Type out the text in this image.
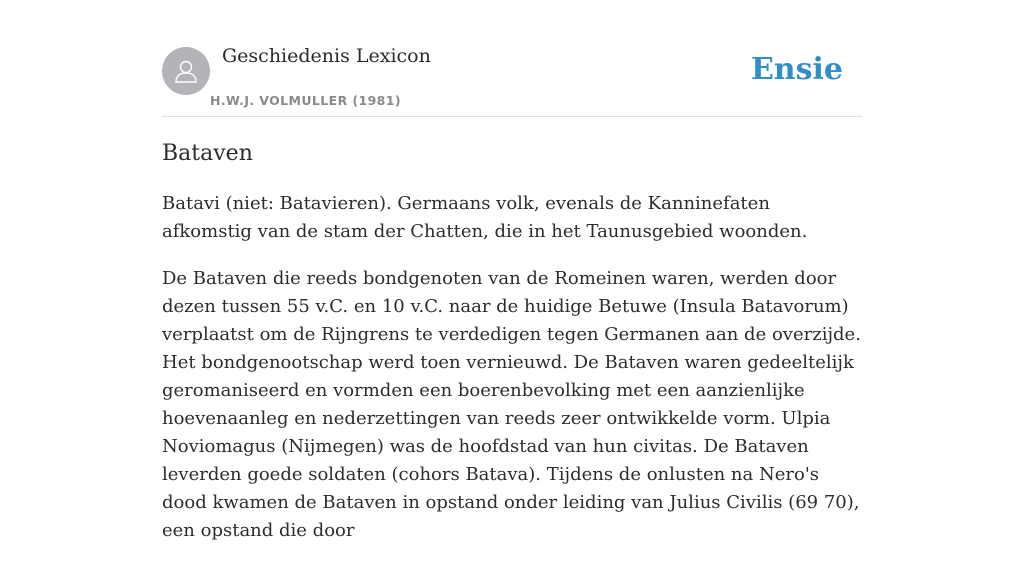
Geschiedenis Lexicon
H.W.J. VOLMULLER (1981)
Ensie
Bataven

Batavi (niet: Batavieren). Germaans volk, evenals de Kanninefaten afkomstig van de stam der Chatten, die in het Taunusgebied woonden.

De Bataven die reeds bondgenoten van de Romeinen waren, werden door dezen tussen 55 v.C. en 10 v.C. naar de huidige Betuwe (Insula Batavorum) verplaatst om de Rijngrens te verdedigen tegen Germanen aan de overzijde. Het bondgenootschap werd toen vernieuwd. De Bataven waren gedeeltelijk geromaniseerd en vormden een boerenbevolking met een aanzienlijke hoevenaanleg en nederzettingen van reeds zeer ontwikkelde vorm. Ulpia Noviomagus (Nijmegen) was de hoofdstad van hun civitas. De Bataven leverden goede soldaten (cohors Batava). Tijdens de onlusten na Nero's dood kwamen de Bataven in opstand onder leiding van Julius Civilis (69 70), een opstand die door
